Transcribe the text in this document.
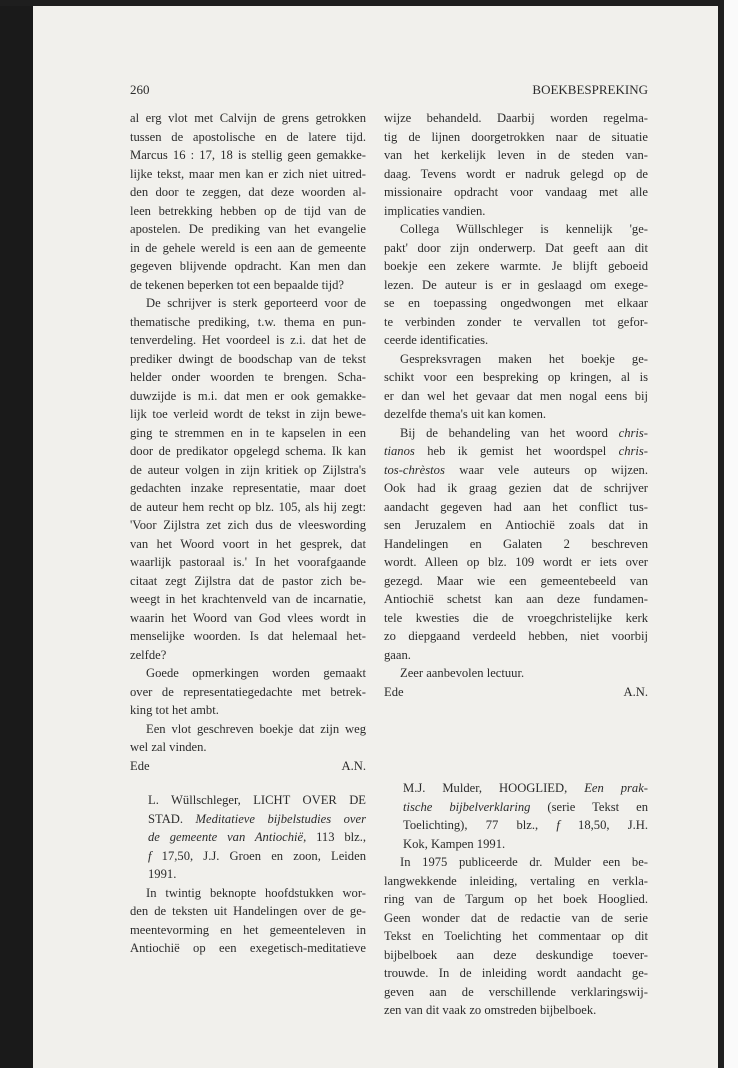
260	BOEKBESPREKING
al erg vlot met Calvijn de grens getrokken
tussen de apostolische en de latere tijd.
Marcus 16 : 17, 18 is stellig geen gemakke-
lijke tekst, maar men kan er zich niet uitred-
den door te zeggen, dat deze woorden al-
leen betrekking hebben op de tijd van de
apostelen. De prediking van het evangelie
in de gehele wereld is een aan de gemeente
gegeven blijvende opdracht. Kan men dan
de tekenen beperken tot een bepaalde tijd?
De schrijver is sterk geporteerd voor de
thematische prediking, t.w. thema en pun-
tenverdeling. Het voordeel is z.i. dat het de
prediker dwingt de boodschap van de tekst
helder onder woorden te brengen. Scha-
duwzijde is m.i. dat men er ook gemakke-
lijk toe verleid wordt de tekst in zijn bewe-
ging te stremmen en in te kapselen in een
door de predikator opgelegd schema. Ik kan
de auteur volgen in zijn kritiek op Zijlstra's
gedachten inzake representatie, maar doet
de auteur hem recht op blz. 105, als hij zegt:
'Voor Zijlstra zet zich dus de vleeswording
van het Woord voort in het gesprek, dat
waarlijk pastoraal is.' In het voorafgaande
citaat zegt Zijlstra dat de pastor zich be-
weegt in het krachtenveld van de incarnatie,
waarin het Woord van God vlees wordt in
menselijke woorden. Is dat helemaal het-
zelfde?
Goede opmerkingen worden gemaakt
over de representatiegedachte met betrek-
king tot het ambt.
Een vlot geschreven boekje dat zijn weg
wel zal vinden.
Ede	A.N.
L. Wüllschleger, LICHT OVER DE
STAD. Meditatieve bijbelstudies over
de gemeente van Antiochië, 113 blz.,
f 17,50, J.J. Groen en zoon, Leiden
1991.
In twintig beknopte hoofdstukken wor-
den de teksten uit Handelingen over de ge-
meentevorming en het gemeenteleven in
Antiochië op een exegetisch-meditatieve
wijze behandeld. Daarbij worden regelma-
tig de lijnen doorgetrokken naar de situatie
van het kerkelijk leven in de steden van-
daag. Tevens wordt er nadruk gelegd op de
missionaire opdracht voor vandaag met alle
implicaties vandien.
Collega Wüllschleger is kennelijk 'ge-
pakt' door zijn onderwerp. Dat geeft aan dit
boekje een zekere warmte. Je blijft geboeid
lezen. De auteur is er in geslaagd om exege-
se en toepassing ongedwongen met elkaar
te verbinden zonder te vervallen tot gefor-
ceerde identificaties.
Gespreksvragen maken het boekje ge-
schikt voor een bespreking op kringen, al is
er dan wel het gevaar dat men nogal eens bij
dezelfde thema's uit kan komen.
Bij de behandeling van het woord chris-
tianos heb ik gemist het woordspel chris-
tos-chrèstos waar vele auteurs op wijzen.
Ook had ik graag gezien dat de schrijver
aandacht gegeven had aan het conflict tus-
sen Jeruzalem en Antiochië zoals dat in
Handelingen en Galaten 2 beschreven
wordt. Alleen op blz. 109 wordt er iets over
gezegd. Maar wie een gemeentebeeld van
Antiochië schetst kan aan deze fundamen-
tele kwesties die de vroegchristelijke kerk
zo diepgaand verdeeld hebben, niet voorbij
gaan.
Zeer aanbevolen lectuur.
Ede	A.N.
M.J. Mulder, HOOGLIED, Een prak-
tische bijbelverklaring (serie Tekst en
Toelichting), 77 blz., f 18,50, J.H.
Kok, Kampen 1991.
In 1975 publiceerde dr. Mulder een be-
langwekkende inleiding, vertaling en verkla-
ring van de Targum op het boek Hooglied.
Geen wonder dat de redactie van de serie
Tekst en Toelichting het commentaar op dit
bijbelboek aan deze deskundige toever-
trouwde. In de inleiding wordt aandacht ge-
geven aan de verschillende verklaringswij-
zen van dit vaak zo omstreden bijbelboek.
